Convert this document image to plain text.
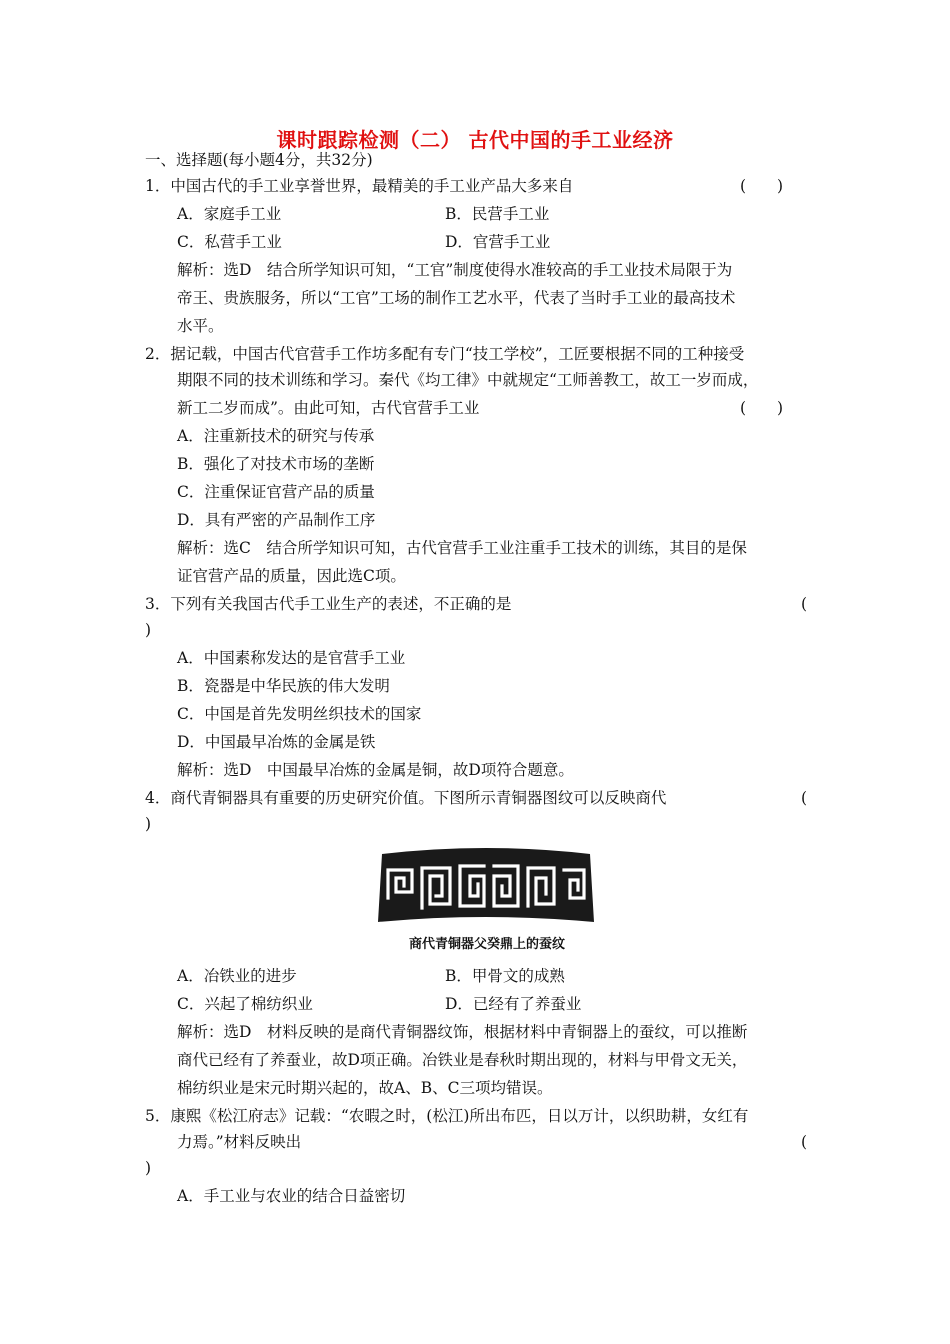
课时跟踪检测（二） 古代中国的手工业经济
一、选择题(每小题4分，共32分)
1．中国古代的手工业享誉世界，最精美的手工业产品大多来自	(　　)
A．家庭手工业	B．民营手工业
C．私营手工业	D．官营手工业
解析：选D　结合所学知识可知，“工官”制度使得水准较高的手工业技术局限于为
帝王、贵族服务，所以“工官”工场的制作工艺水平，代表了当时手工业的最高技术
水平。
2．据记载，中国古代官营手工作坊多配有专门“技工学校”，工匠要根据不同的工种接受
期限不同的技术训练和学习。秦代《均工律》中就规定“工师善教工，故工一岁而成，
新工二岁而成”。由此可知，古代官营手工业	(　　)
A．注重新技术的研究与传承
B．强化了对技术市场的垄断
C．注重保证官营产品的质量
D．具有严密的产品制作工序
解析：选C　结合所学知识可知，古代官营手工业注重手工技术的训练，其目的是保
证官营产品的质量，因此选C项。
3．下列有关我国古代手工业生产的表述，不正确的是	(
)
A．中国素称发达的是官营手工业
B．瓷器是中华民族的伟大发明
C．中国是首先发明丝织技术的国家
D．中国最早冶炼的金属是铁
解析：选D　中国最早冶炼的金属是铜，故D项符合题意。
4．商代青铜器具有重要的历史研究价值。下图所示青铜器图纹可以反映商代	(
)
商代青铜器父癸鼎上的蚕纹
A．冶铁业的进步	B．甲骨文的成熟
C．兴起了棉纺织业	D．已经有了养蚕业
解析：选D　材料反映的是商代青铜器纹饰，根据材料中青铜器上的蚕纹，可以推断
商代已经有了养蚕业，故D项正确。冶铁业是春秋时期出现的，材料与甲骨文无关，
棉纺织业是宋元时期兴起的，故A、B、C三项均错误。
5．康熙《松江府志》记载：“农暇之时，(松江)所出布匹，日以万计，以织助耕，女红有
力焉。”材料反映出	(
)
A．手工业与农业的结合日益密切
